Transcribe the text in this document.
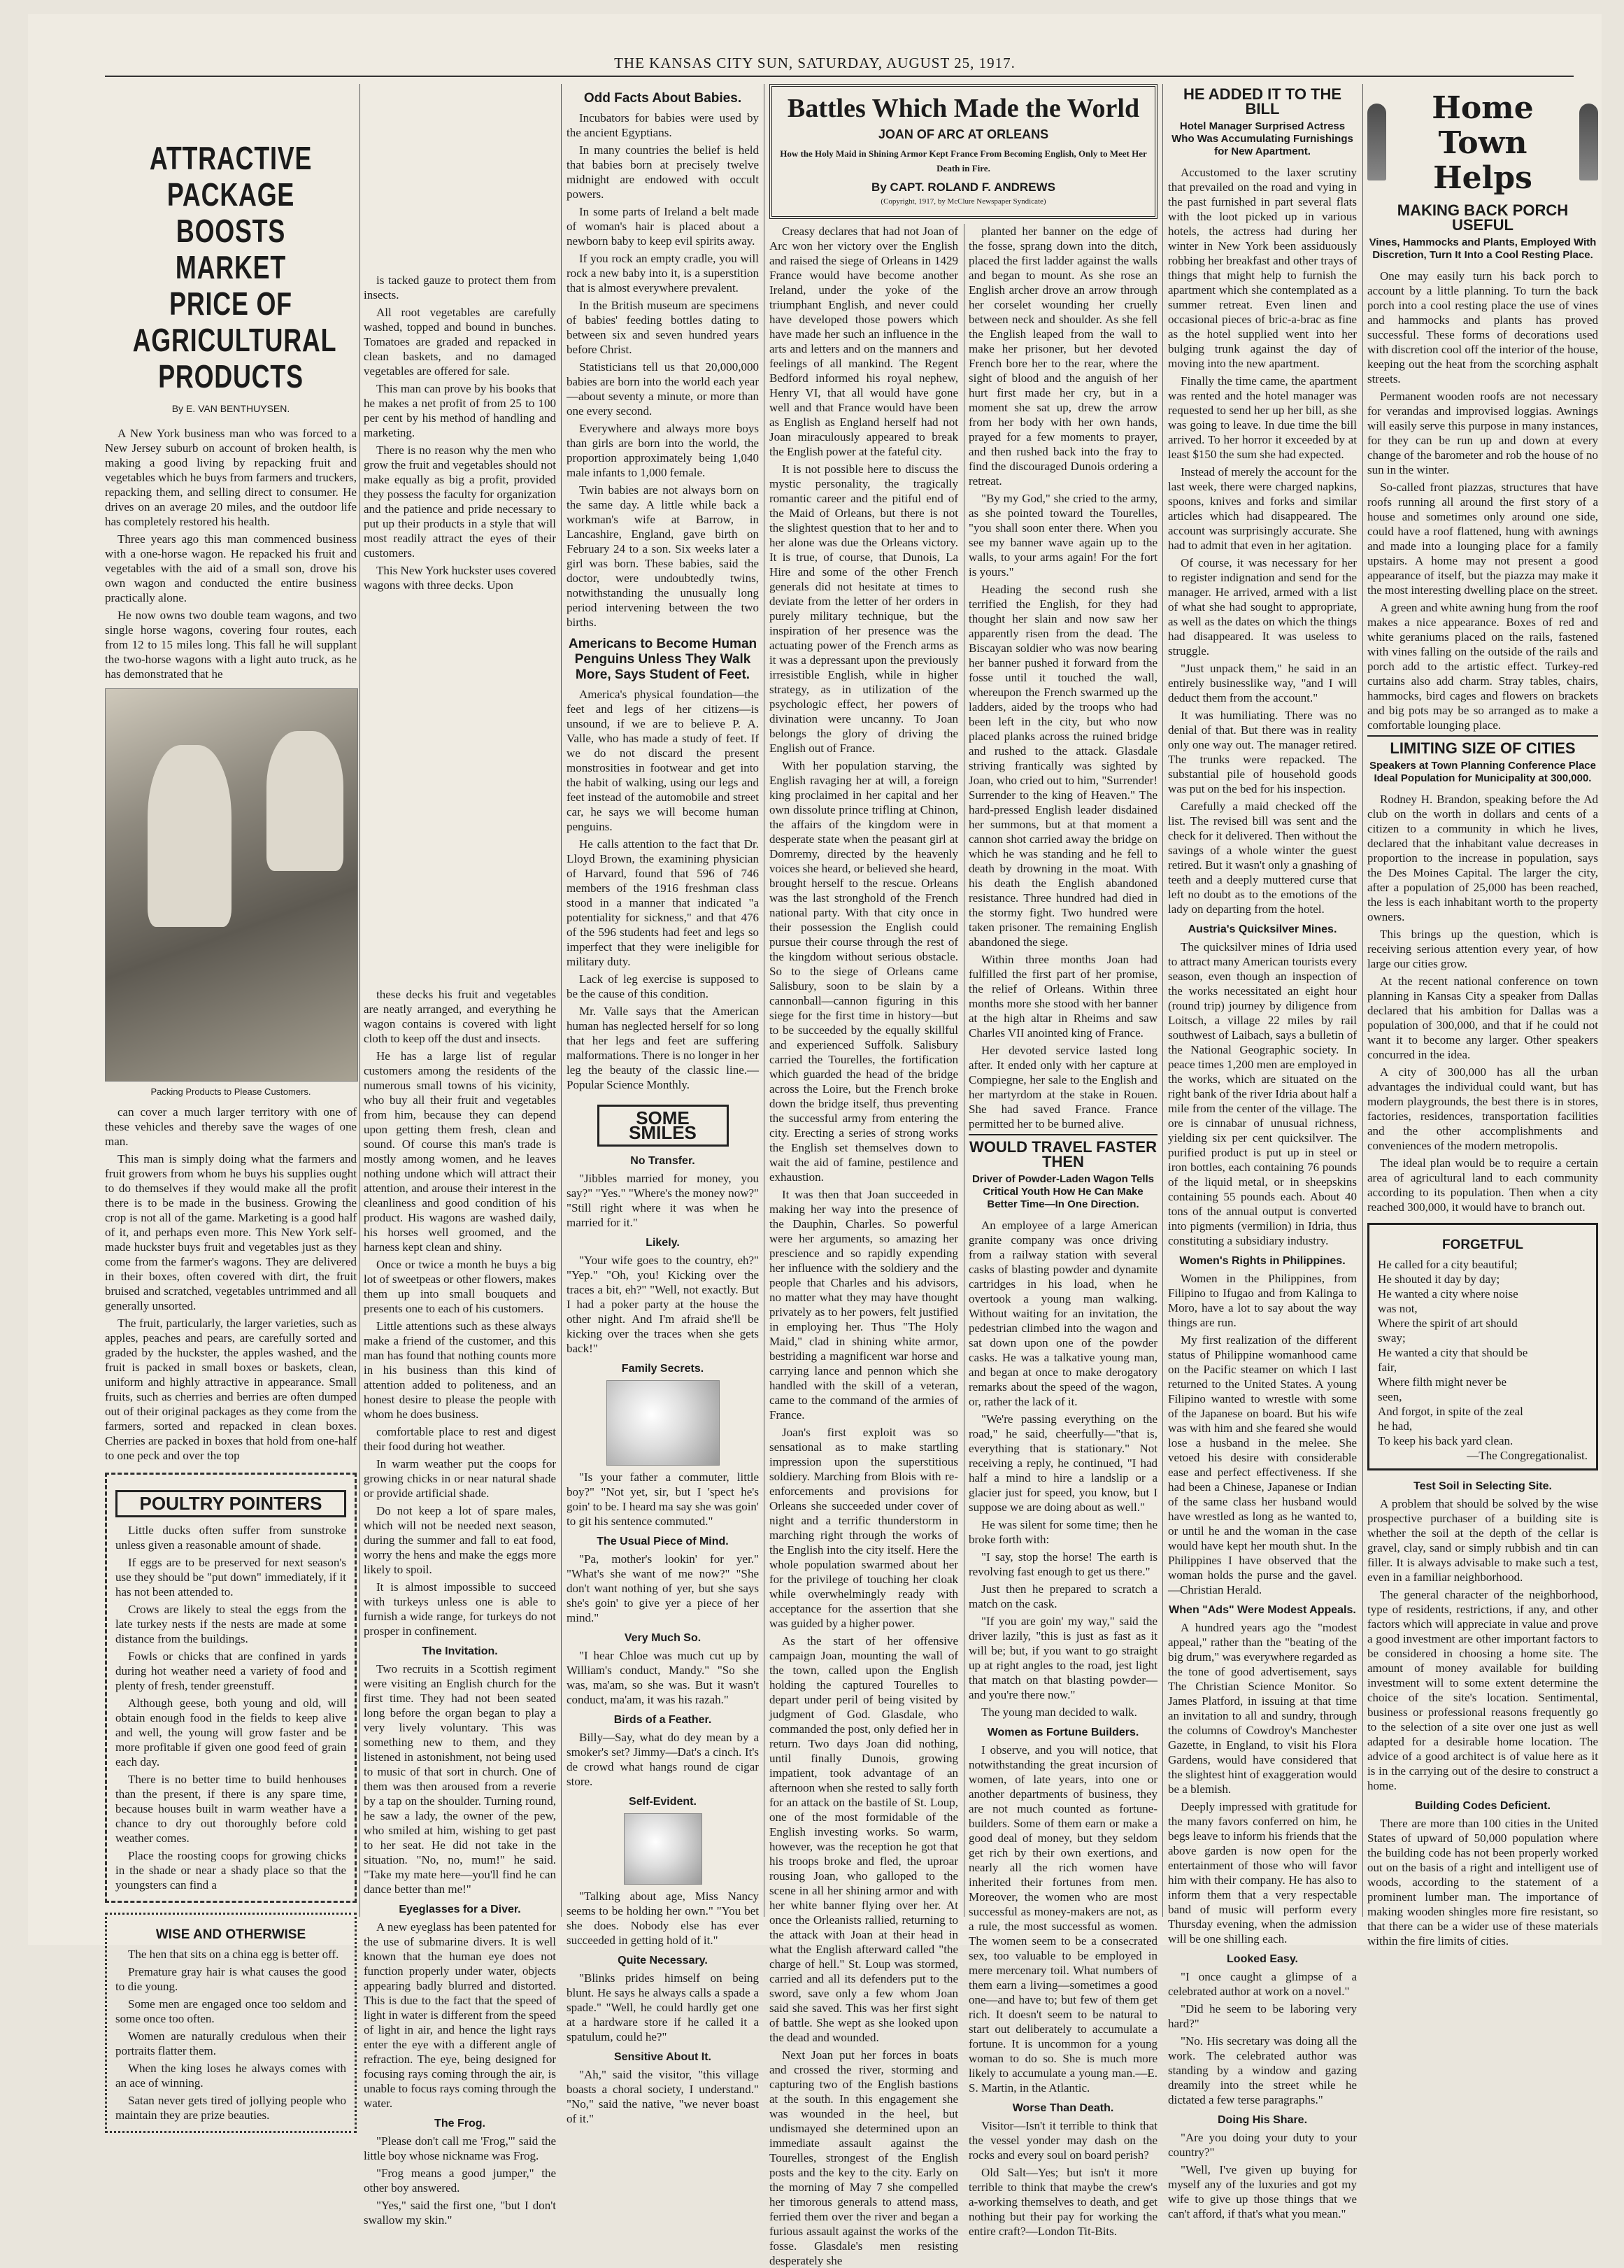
THE KANSAS CITY SUN, SATURDAY, AUGUST 25, 1917.
ATTRACTIVE PACKAGE BOOSTS MARKET PRICE OF AGRICULTURAL PRODUCTS
By E. VAN BENTHUYSEN.

A New York business man who was forced to a New Jersey suburb on account of broken health, is making a good living by repacking fruit and vegetables which he buys from farmers and truckers, repacking them, and selling direct to consumer. He drives on an average 20 miles, and the outdoor life has completely restored his health.

Three years ago this man commenced business with a one-horse wagon. He repacked his fruit and vegetables with the aid of a small son, drove his own wagon and conducted the entire business practically alone.

He now owns two double team wagons, and two single horse wagons, covering four routes, each from 12 to 15 miles long. This fall he will supplant the two-horse wagons with a light auto truck, as he has demonstrated that he

Packing Products to Please Customers.

can cover a much larger territory with one of these vehicles and thereby save the wages of one man.

This man is simply doing what the farmers and fruit growers from whom he buys his supplies ought to do themselves if they would make all the profit there is to be made in the business. Growing the crop is not all of the game. Marketing is a good half of it, and perhaps even more. This New York self-made huckster buys fruit and vegetables just as they come from the farmer's wagons. They are delivered in their boxes, often covered with dirt, the fruit bruised and scratched, vegetables untrimmed and all generally unsorted.

The fruit, particularly, the larger varieties, such as apples, peaches and pears, are carefully sorted and graded by the huckster, the apples washed, and the fruit is packed in small boxes or baskets, clean, uniform and highly attractive in appearance. Small fruits, such as cherries and berries are often dumped out of their original packages as they come from the farmers, sorted and repacked in clean boxes. Cherries are packed in boxes that hold from one-half to one peck and over the top

POULTRY POINTERS

Little ducks often suffer from sunstroke unless given a reasonable amount of shade.

If eggs are to be preserved for next season's use they should be "put down" immediately, if it has not been attended to.

Crows are likely to steal the eggs from the late turkey nests if the nests are made at some distance from the buildings.

Fowls or chicks that are confined in yards during hot weather need a variety of food and plenty of fresh, tender greenstuff.

Although geese, both young and old, will obtain enough food in the fields to keep alive and well, the young will grow faster and be more profitable if given one good feed of grain each day.

There is no better time to build henhouses than the present, if there is any spare time, because houses built in warm weather have a chance to dry out thoroughly before cold weather comes.

Place the roosting coops for growing chicks in the shade or near a shady place so that the youngsters can find a

WISE AND OTHERWISE

The hen that sits on a china egg is better off.

Premature gray hair is what causes the good to die young.

Some men are engaged once too seldom and some once too often.

Women are naturally credulous when their portraits flatter them.

When the king loses he always comes with an ace of winning.

Satan never gets tired of jollying people who maintain they are prize beauties.

is tacked gauze to protect them from insects.

All root vegetables are carefully washed, topped and bound in bunches. Tomatoes are graded and repacked in clean baskets, and no damaged vegetables are offered for sale.

This man can prove by his books that he makes a net profit of from 25 to 100 per cent by his method of handling and marketing.

There is no reason why the men who grow the fruit and vegetables should not make equally as big a profit, provided they possess the faculty for organization and the patience and pride necessary to put up their products in a style that will most readily attract the eyes of their customers.

This New York huckster uses covered wagons with three decks. Upon

these decks his fruit and vegetables are neatly arranged, and everything he wagon contains is covered with light cloth to keep off the dust and insects.

He has a large list of regular customers among the residents of the numerous small towns of his vicinity, who buy all their fruit and vegetables from him, because they can depend upon getting them fresh, clean and sound. Of course this man's trade is mostly among women, and he leaves nothing undone which will attract their attention, and arouse their interest in the cleanliness and good condition of his product. His wagons are washed daily, his horses well groomed, and the harness kept clean and shiny.

Once or twice a month he buys a big lot of sweetpeas or other flowers, makes them up into small bouquets and presents one to each of his customers.

Little attentions such as these always make a friend of the customer, and this man has found that nothing counts more in his business than this kind of attention added to politeness, and an honest desire to please the people with whom he does business.

comfortable place to rest and digest their food during hot weather.

In warm weather put the coops for growing chicks in or near natural shade or provide artificial shade.

Do not keep a lot of spare males, which will not be needed next season, during the summer and fall to eat food, worry the hens and make the eggs more likely to spoil.

It is almost impossible to succeed with turkeys unless one is able to furnish a wide range, for turkeys do not prosper in confinement.

The Invitation.

Two recruits in a Scottish regiment were visiting an English church for the first time. They had not been seated long before the organ began to play a very lively voluntary. This was something new to them, and they listened in astonishment, not being used to music of that sort in church. One of them was then aroused from a reverie by a tap on the shoulder. Turning round, he saw a lady, the owner of the pew, who smiled at him, wishing to get past to her seat. He did not take in the situation. "No, no, mum!" he said. "Take my mate here—you'll find he can dance better than me!"

Eyeglasses for a Diver.

A new eyeglass has been patented for the use of submarine divers. It is well known that the human eye does not function properly under water, objects appearing badly blurred and distorted. This is due to the fact that the speed of light in water is different from the speed of light in air, and hence the light rays enter the eye with a different angle of refraction. The eye, being designed for focusing rays coming through the air, is unable to focus rays coming through the water.

The Frog.

"Please don't call me 'Frog,'" said the little boy whose nickname was Frog.

"Frog means a good jumper," the other boy answered.

"Yes," said the first one, "but I don't swallow my skin."

Odd Facts About Babies.

Incubators for babies were used by the ancient Egyptians.

In many countries the belief is held that babies born at precisely twelve midnight are endowed with occult powers.

In some parts of Ireland a belt made of woman's hair is placed about a newborn baby to keep evil spirits away.

If you rock an empty cradle, you will rock a new baby into it, is a superstition that is almost everywhere prevalent.

In the British museum are specimens of babies' feeding bottles dating to between six and seven hundred years before Christ.

Statisticians tell us that 20,000,000 babies are born into the world each year—about seventy a minute, or more than one every second.

Everywhere and always more boys than girls are born into the world, the proportion approximately being 1,040 male infants to 1,000 female.

Twin babies are not always born on the same day. A little while back a workman's wife at Barrow, in Lancashire, England, gave birth on February 24 to a son. Six weeks later a girl was born. These babies, said the doctor, were undoubtedly twins, notwithstanding the unusually long period intervening between the two births.

Americans to Become Human Penguins Unless They Walk More, Says Student of Feet.

America's physical foundation—the feet and legs of her citizens—is unsound, if we are to believe P. A. Valle, who has made a study of feet. If we do not discard the present monstrosities in footwear and get into the habit of walking, using our legs and feet instead of the automobile and street car, he says we will become human penguins.

He calls attention to the fact that Dr. Lloyd Brown, the examining physician of Harvard, found that 596 of 746 members of the 1916 freshman class stood in a manner that indicated "a potentiality for sickness," and that 476 of the 596 students had feet and legs so imperfect that they were ineligible for military duty.

Lack of leg exercise is supposed to be the cause of this condition.

Mr. Valle says that the American human has neglected herself for so long that her legs and feet are suffering malformations. There is no longer in her leg the beauty of the classic line.—Popular Science Monthly.

SOME SMILES
No Transfer.

"Jibbles married for money, you say?" "Yes." "Where's the money now?" "Still right where it was when he married for it."

Likely.

"Your wife goes to the country, eh?" "Yep." "Oh, you! Kicking over the traces a bit, eh?" "Well, not exactly. But I had a poker party at the house the other night. And I'm afraid she'll be kicking over the traces when she gets back!"

Family Secrets.

"Is your father a commuter, little boy?" "Not yet, sir, but I 'spect he's goin' to be. I heard ma say she was goin' to git his sentence commuted."

The Usual Piece of Mind.

"Pa, mother's lookin' for yer." "What's she want of me now?" "She don't want nothing of yer, but she says she's goin' to give yer a piece of her mind."

Very Much So.

"I hear Chloe was much cut up by William's conduct, Mandy." "So she was, ma'am, so she was. But it wasn't conduct, ma'am, it was his razah."

Birds of a Feather.

Billy—Say, what do dey mean by a smoker's set? Jimmy—Dat's a cinch. It's de crowd what hangs round de cigar store.

Self-Evident.

"Talking about age, Miss Nancy seems to be holding her own." "You bet she does. Nobody else has ever succeeded in getting hold of it."

Quite Necessary.

"Blinks prides himself on being blunt. He says he always calls a spade a spade." "Well, he could hardly get one at a hardware store if he called it a spatulum, could he?"

Sensitive About It.

"Ah," said the visitor, "this village boasts a choral society, I understand." "No," said the native, "we never boast of it."

Battles Which Made the World
JOAN OF ARC AT ORLEANS
How the Holy Maid in Shining Armor Kept France From Becoming English, Only to Meet Her Death in Fire.
By CAPT. ROLAND F. ANDREWS
(Copyright, 1917, by McClure Newspaper Syndicate)

Creasy declares that had not Joan of Arc won her victory over the English and raised the siege of Orleans in 1429 France would have become another Ireland, under the yoke of the triumphant English, and never could have developed those powers which have made her such an influence in the arts and letters and on the manners and feelings of all mankind. The Regent Bedford informed his royal nephew, Henry VI, that all would have gone well and that France would have been as English as England herself had not Joan miraculously appeared to break the English power at the fateful city.

It is not possible here to discuss the mystic personality, the tragically romantic career and the pitiful end of the Maid of Orleans, but there is not the slightest question that to her and to her alone was due the Orleans victory. It is true, of course, that Dunois, La Hire and some of the other French generals did not hesitate at times to deviate from the letter of her orders in purely military technique, but the inspiration of her presence was the actuating power of the French arms as it was a depressant upon the previously irresistible English, while in higher strategy, as in utilization of the psychologic effect, her powers of divination were uncanny. To Joan belongs the glory of driving the English out of France.

With her population starving, the English ravaging her at will, a foreign king proclaimed in her capital and her own dissolute prince trifling at Chinon, the affairs of the kingdom were in desperate state when the peasant girl at Domremy, directed by the heavenly voices she heard, or believed she heard, brought herself to the rescue. Orleans was the last stronghold of the French national party. With that city once in their possession the English could pursue their course through the rest of the kingdom without serious obstacle. So to the siege of Orleans came Salisbury, soon to be slain by a cannonball—cannon figuring in this siege for the first time in history—but to be succeeded by the equally skillful and experienced Suffolk. Salisbury carried the Tourelles, the fortification which guarded the head of the bridge across the Loire, but the French broke down the bridge itself, thus preventing the successful army from entering the city. Erecting a series of strong works the English set themselves down to wait the aid of famine, pestilence and exhaustion.

It was then that Joan succeeded in making her way into the presence of the Dauphin, Charles. So powerful were her arguments, so amazing her prescience and so rapidly expending her influence with the soldiery and the people that Charles and his advisors, no matter what they may have thought privately as to her powers, felt justified in employing her. Thus "The Holy Maid," clad in shining white armor, bestriding a magnificent war horse and carrying lance and pennon which she handled with the skill of a veteran, came to the command of the armies of France.

Joan's first exploit was so sensational as to make startling impression upon the superstitious soldiery. Marching from Blois with re-enforcements and provisions for Orleans she succeeded under cover of night and a terrific thunderstorm in marching right through the works of the English into the city itself. Here the whole population swarmed about her for the privilege of touching her cloak while overwhelmingly ready with acceptance for the assertion that she was guided by a higher power.

As the start of her offensive campaign Joan, mounting the wall of the town, called upon the English holding the captured Tourelles to depart under peril of being visited by judgment of God. Glasdale, who commanded the post, only defied her in return. Two days Joan did nothing, until finally Dunois, growing impatient, took advantage of an afternoon when she rested to sally forth for an attack on the bastile of St. Loup, one of the most formidable of the English investing works. So warm, however, was the reception he got that his troops broke and fled, the uproar rousing Joan, who galloped to the scene in all her shining armor and with her white banner flying over her. At once the Orleanists rallied, returning to the attack with Joan at their head in what the English afterward called "the charge of hell." St. Loup was stormed, carried and all its defenders put to the sword, save only a few whom Joan said she saved. This was her first sight of battle. She wept as she looked upon the dead and wounded.

Next Joan put her forces in boats and crossed the river, storming and capturing two of the English bastions at the south. In this engagement she was wounded in the heel, but undismayed she determined upon an immediate assault against the Tourelles, strongest of the English posts and the key to the city. Early on the morning of May 7 she compelled her timorous generals to attend mass, ferried them over the river and began a furious assault against the works of the fosse. Glasdale's men resisting desperately she

planted her banner on the edge of the fosse, sprang down into the ditch, placed the first ladder against the walls and began to mount. As she rose an English archer drove an arrow through her corselet wounding her cruelly between neck and shoulder. As she fell the English leaped from the wall to make her prisoner, but her devoted French bore her to the rear, where the sight of blood and the anguish of her hurt first made her cry, but in a moment she sat up, drew the arrow from her body with her own hands, prayed for a few moments to prayer, and then rushed back into the fray to find the discouraged Dunois ordering a retreat.

"By my God," she cried to the army, as she pointed toward the Tourelles, "you shall soon enter there. When you see my banner wave again up to the walls, to your arms again! For the fort is yours."

Heading the second rush she terrified the English, for they had thought her slain and now saw her apparently risen from the dead. The Biscayan soldier who was now bearing her banner pushed it forward from the fosse until it touched the wall, whereupon the French swarmed up the ladders, aided by the troops who had been left in the city, but who now placed planks across the ruined bridge and rushed to the attack. Glasdale striving frantically was sighted by Joan, who cried out to him, "Surrender! Surrender to the king of Heaven." The hard-pressed English leader disdained her summons, but at that moment a cannon shot carried away the bridge on which he was standing and he fell to death by drowning in the moat. With his death the English abandoned resistance. Three hundred had died in the stormy fight. Two hundred were taken prisoner. The remaining English abandoned the siege.

Within three months Joan had fulfilled the first part of her promise, the relief of Orleans. Within three months more she stood with her banner at the high altar in Rheims and saw Charles VII anointed king of France.

Her devoted service lasted long after. It ended only with her capture at Compiegne, her sale to the English and her martyrdom at the stake in Rouen. She had saved France. France permitted her to be burned alive.

WOULD TRAVEL FASTER THEN
Driver of Powder-Laden Wagon Tells Critical Youth How He Can Make Better Time—In One Direction.

An employee of a large American granite company was once driving from a railway station with several casks of blasting powder and dynamite cartridges in his load, when he overtook a young man walking. Without waiting for an invitation, the pedestrian climbed into the wagon and sat down upon one of the powder casks. He was a talkative young man, and began at once to make derogatory remarks about the speed of the wagon, or, rather the lack of it.

"We're passing everything on the road," he said, cheerfully—"that is, everything that is stationary." Not receiving a reply, he continued, "I had half a mind to hire a landslip or a glacier just for speed, you know, but I suppose we are doing about as well."

He was silent for some time; then he broke forth with:

"I say, stop the horse! The earth is revolving fast enough to get us there."

Just then he prepared to scratch a match on the cask.

"If you are goin' my way," said the driver lazily, "this is just as fast as it will be; but, if you want to go straight up at right angles to the road, jest light that match on that blasting powder—and you're there now."

The young man decided to walk.

Women as Fortune Builders.

I observe, and you will notice, that notwithstanding the great incursion of women, of late years, into one or another departments of business, they are not much counted as fortune-builders. Some of them earn or make a good deal of money, but they seldom get rich by their own exertions, and nearly all the rich women have inherited their fortunes from men. Moreover, the women who are most successful as money-makers are not, as a rule, the most successful as women. The women seem to be a consecrated sex, too valuable to be employed in mere mercenary toil. What numbers of them earn a living—sometimes a good one—and have to; but few of them get rich. It doesn't seem to be natural to start out deliberately to accumulate a fortune. It is uncommon for a young woman to do so. She is much more likely to accumulate a young man.—E. S. Martin, in the Atlantic.

Worse Than Death.

Visitor—Isn't it terrible to think that the vessel yonder may dash on the rocks and every soul on board perish?

Old Salt—Yes; but isn't it more terrible to think that maybe the crew's a-working themselves to death, and get nothing but their pay for working the entire craft?—London Tit-Bits.

HE ADDED IT TO THE BILL
Hotel Manager Surprised Actress Who Was Accumulating Furnishings for New Apartment.

Accustomed to the laxer scrutiny that prevailed on the road and vying in the past furnished in part several flats with the loot picked up in various hotels, the actress had during her winter in New York been assiduously robbing her breakfast and other trays of things that might help to furnish the apartment which she contemplated as a summer retreat. Even linen and occasional pieces of bric-a-brac as fine as the hotel supplied went into her bulging trunk against the day of moving into the new apartment.

Finally the time came, the apartment was rented and the hotel manager was requested to send her up her bill, as she was going to leave. In due time the bill arrived. To her horror it exceeded by at least $150 the sum she had expected.

Instead of merely the account for the last week, there were charged napkins, spoons, knives and forks and similar articles which had disappeared. The account was surprisingly accurate. She had to admit that even in her agitation.

Of course, it was necessary for her to register indignation and send for the manager. He arrived, armed with a list of what she had sought to appropriate, as well as the dates on which the things had disappeared. It was useless to struggle.

"Just unpack them," he said in an entirely businesslike way, "and I will deduct them from the account."

It was humiliating. There was no denial of that. But there was in reality only one way out. The manager retired. The trunks were repacked. The substantial pile of household goods was put on the bed for his inspection.

Carefully a maid checked off the list. The revised bill was sent and the check for it delivered. Then without the savings of a whole winter the guest retired. But it wasn't only a gnashing of teeth and a deeply muttered curse that left no doubt as to the emotions of the lady on departing from the hotel.

Austria's Quicksilver Mines.

The quicksilver mines of Idria used to attract many American tourists every season, even though an inspection of the works necessitated an eight hour (round trip) journey by diligence from Loitsch, a village 22 miles by rail southwest of Laibach, says a bulletin of the National Geographic society. In peace times 1,200 men are employed in the works, which are situated on the right bank of the river Idria about half a mile from the center of the village. The ore is cinnabar of unusual richness, yielding six per cent quicksilver. The purified product is put up in steel or iron bottles, each containing 76 pounds of the liquid metal, or in sheepskins containing 55 pounds each. About 40 tons of the annual output is converted into pigments (vermilion) in Idria, thus constituting a subsidiary industry.

Women's Rights in Philippines.

Women in the Philippines, from Filipino to Ifugao and from Kalinga to Moro, have a lot to say about the way things are run.

My first realization of the different status of Philippine womanhood came on the Pacific steamer on which I last returned to the United States. A young Filipino wanted to wrestle with some of the Japanese on board. But his wife was with him and she feared she would lose a husband in the melee. She vetoed his desire with considerable ease and perfect effectiveness. If she had been a Chinese, Japanese or Indian of the same class her husband would have wrestled as long as he wanted to, or until he and the woman in the case would have kept her mouth shut. In the Philippines I have observed that the woman holds the purse and the gavel.—Christian Herald.

When "Ads" Were Modest Appeals.

A hundred years ago the "modest appeal," rather than the "beating of the big drum," was everywhere regarded as the tone of good advertisement, says The Christian Science Monitor. So James Platford, in issuing at that time an invitation to all and sundry, through the columns of Cowdroy's Manchester Gazette, in England, to visit his Flora Gardens, would have considered that the slightest hint of exaggeration would be a blemish.

Deeply impressed with gratitude for the many favors conferred on him, he begs leave to inform his friends that the above garden is now open for the entertainment of those who will favor him with their company. He has also to inform them that a very respectable band of music will perform every Thursday evening, when the admission will be one shilling each.

Looked Easy.

"I once caught a glimpse of a celebrated author at work on a novel."

"Did he seem to be laboring very hard?"

"No. His secretary was doing all the work. The celebrated author was standing by a window and gazing dreamily into the street while he dictated a few terse paragraphs."

Doing His Share.

"Are you doing your duty to your country?"

"Well, I've given up buying for myself any of the luxuries and got my wife to give up those things that we can't afford, if that's what you mean."

Home Town Helps
MAKING BACK PORCH USEFUL
Vines, Hammocks and Plants, Employed With Discretion, Turn It Into a Cool Resting Place.

One may easily turn his back porch to account by a little planning. To turn the back porch into a cool resting place the use of vines and hammocks and plants has proved successful. These forms of decorations used with discretion cool off the interior of the house, keeping out the heat from the scorching asphalt streets.

Permanent wooden roofs are not necessary for verandas and improvised loggias. Awnings will easily serve this purpose in many instances, for they can be run up and down at every change of the barometer and rob the house of no sun in the winter.

So-called front piazzas, structures that have roofs running all around the first story of a house and sometimes only around one side, could have a roof flattened, hung with awnings and made into a lounging place for a family upstairs. A home may not present a good appearance of itself, but the piazza may make it the most interesting dwelling place on the street.

A green and white awning hung from the roof makes a nice appearance. Boxes of red and white geraniums placed on the rails, fastened with vines falling on the outside of the rails and porch add to the artistic effect. Turkey-red curtains also add charm. Stray tables, chairs, hammocks, bird cages and flowers on brackets and big pots may be so arranged as to make a comfortable lounging place.

LIMITING SIZE OF CITIES
Speakers at Town Planning Conference Place Ideal Population for Municipality at 300,000.

Rodney H. Brandon, speaking before the Ad club on the worth in dollars and cents of a citizen to a community in which he lives, declared that the inhabitant value decreases in proportion to the increase in population, says the Des Moines Capital. The larger the city, after a population of 25,000 has been reached, the less is each inhabitant worth to the property owners.

This brings up the question, which is receiving serious attention every year, of how large our cities grow.

At the recent national conference on town planning in Kansas City a speaker from Dallas declared that his ambition for Dallas was a population of 300,000, and that if he could not want it to become any larger. Other speakers concurred in the idea.

A city of 300,000 has all the urban advantages the individual could want, but has modern playgrounds, the best there is in stores, factories, residences, transportation facilities and the other accomplishments and conveniences of the modern metropolis.

The ideal plan would be to require a certain area of agricultural land to each community according to its population. Then when a city reached 300,000, it would have to branch out.

FORGETFUL

He called for a city beautiful;

He shouted it day by day;

He wanted a city where noise

was not,

Where the spirit of art should

sway;

He wanted a city that should be

fair,

Where filth might never be

seen,

And forgot, in spite of the zeal

he had,

To keep his back yard clean.

—The Congregationalist.

Test Soil in Selecting Site.

A problem that should be solved by the wise prospective purchaser of a building site is whether the soil at the depth of the cellar is gravel, clay, sand or simply rubbish and tin can filler. It is always advisable to make such a test, even in a familiar neighborhood.

The general character of the neighborhood, type of residents, restrictions, if any, and other factors which will appreciate in value and prove a good investment are other important factors to be considered in choosing a home site. The amount of money available for building investment will to some extent determine the choice of the site's location. Sentimental, business or professional reasons frequently go to the selection of a site over one just as well adapted for a desirable home location. The advice of a good architect is of value here as it is in the carrying out of the desire to construct a home.

Building Codes Deficient.

There are more than 100 cities in the United States of upward of 50,000 population where the building code has not been properly worked out on the basis of a right and intelligent use of woods, according to the statement of a prominent lumber man. The importance of making wooden shingles more fire resistant, so that there can be a wider use of these materials within the fire limits of cities.
